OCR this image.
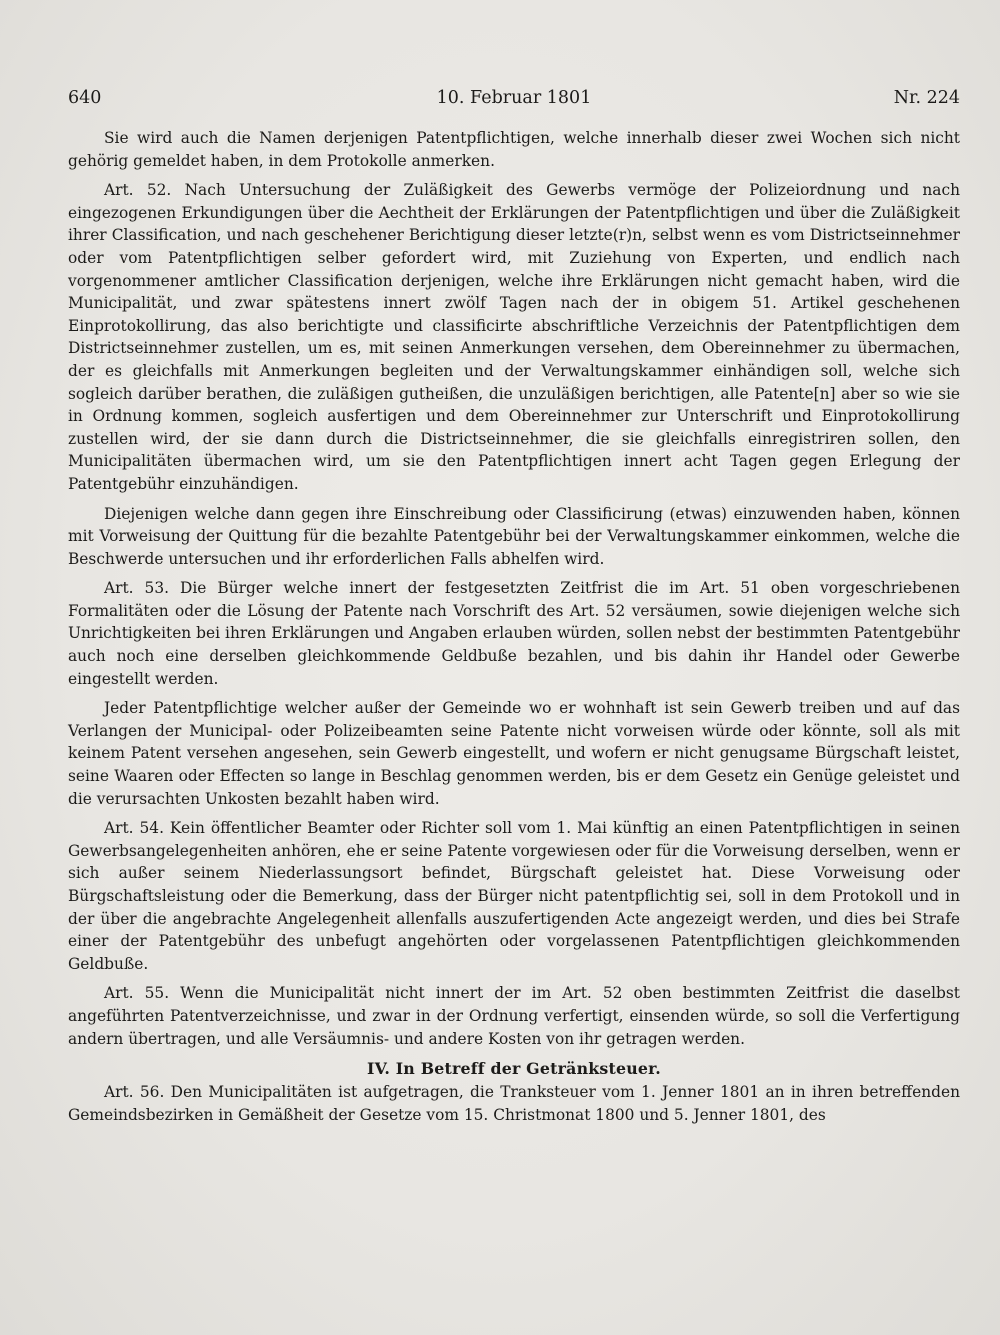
640	10. Februar 1801	Nr. 224

Sie wird auch die Namen derjenigen Patentpflichtigen, welche innerhalb dieser zwei Wochen sich nicht gehörig gemeldet haben, in dem Protokolle anmerken.

Art. 52. Nach Untersuchung der Zuläßigkeit des Gewerbs vermöge der Polizeiordnung und nach eingezogenen Erkundigungen über die Aechtheit der Erklärungen der Patentpflichtigen und über die Zuläßigkeit ihrer Classification, und nach geschehener Berichtigung dieser letzte(r)n, selbst wenn es vom Districtseinnehmer oder vom Patentpflichtigen selber gefordert wird, mit Zuziehung von Experten, und endlich nach vorgenommener amtlicher Classification derjenigen, welche ihre Erklärungen nicht gemacht haben, wird die Municipalität, und zwar spätestens innert zwölf Tagen nach der in obigem 51. Artikel geschehenen Einprotokollirung, das also berichtigte und classificirte abschriftliche Verzeichnis der Patentpflichtigen dem Districtseinnehmer zustellen, um es, mit seinen Anmerkungen versehen, dem Obereinnehmer zu übermachen, der es gleichfalls mit Anmerkungen begleiten und der Verwaltungskammer einhändigen soll, welche sich sogleich darüber berathen, die zuläßigen gutheißen, die unzuläßigen berichtigen, alle Patente[n] aber so wie sie in Ordnung kommen, sogleich ausfertigen und dem Obereinnehmer zur Unterschrift und Einprotokollirung zustellen wird, der sie dann durch die Districtseinnehmer, die sie gleichfalls einregistriren sollen, den Municipalitäten übermachen wird, um sie den Patentpflichtigen innert acht Tagen gegen Erlegung der Patentgebühr einzuhändigen.

Diejenigen welche dann gegen ihre Einschreibung oder Classificirung (etwas) einzuwenden haben, können mit Vorweisung der Quittung für die bezahlte Patentgebühr bei der Verwaltungskammer einkommen, welche die Beschwerde untersuchen und ihr erforderlichen Falls abhelfen wird.

Art. 53. Die Bürger welche innert der festgesetzten Zeitfrist die im Art. 51 oben vorgeschriebenen Formalitäten oder die Lösung der Patente nach Vorschrift des Art. 52 versäumen, sowie diejenigen welche sich Unrichtigkeiten bei ihren Erklärungen und Angaben erlauben würden, sollen nebst der bestimmten Patentgebühr auch noch eine derselben gleichkommende Geldbuße bezahlen, und bis dahin ihr Handel oder Gewerbe eingestellt werden.

Jeder Patentpflichtige welcher außer der Gemeinde wo er wohnhaft ist sein Gewerb treiben und auf das Verlangen der Municipal- oder Polizeibeamten seine Patente nicht vorweisen würde oder könnte, soll als mit keinem Patent versehen angesehen, sein Gewerb eingestellt, und wofern er nicht genugsame Bürgschaft leistet, seine Waaren oder Effecten so lange in Beschlag genommen werden, bis er dem Gesetz ein Genüge geleistet und die verursachten Unkosten bezahlt haben wird.

Art. 54. Kein öffentlicher Beamter oder Richter soll vom 1. Mai künftig an einen Patentpflichtigen in seinen Gewerbsangelegenheiten anhören, ehe er seine Patente vorgewiesen oder für die Vorweisung derselben, wenn er sich außer seinem Niederlassungsort befindet, Bürgschaft geleistet hat. Diese Vorweisung oder Bürgschaftsleistung oder die Bemerkung, dass der Bürger nicht patentpflichtig sei, soll in dem Protokoll und in der über die angebrachte Angelegenheit allenfalls auszufertigenden Acte angezeigt werden, und dies bei Strafe einer der Patentgebühr des unbefugt angehörten oder vorgelassenen Patentpflichtigen gleichkommenden Geldbuße.

Art. 55. Wenn die Municipalität nicht innert der im Art. 52 oben bestimmten Zeitfrist die daselbst angeführten Patentverzeichnisse, und zwar in der Ordnung verfertigt, einsenden würde, so soll die Verfertigung andern übertragen, und alle Versäumnis- und andere Kosten von ihr getragen werden.

IV. In Betreff der Getränksteuer.

Art. 56. Den Municipalitäten ist aufgetragen, die Tranksteuer vom 1. Jenner 1801 an in ihren betreffenden Gemeindsbezirken in Gemäßheit der Gesetze vom 15. Christmonat 1800 und 5. Jenner 1801, des
